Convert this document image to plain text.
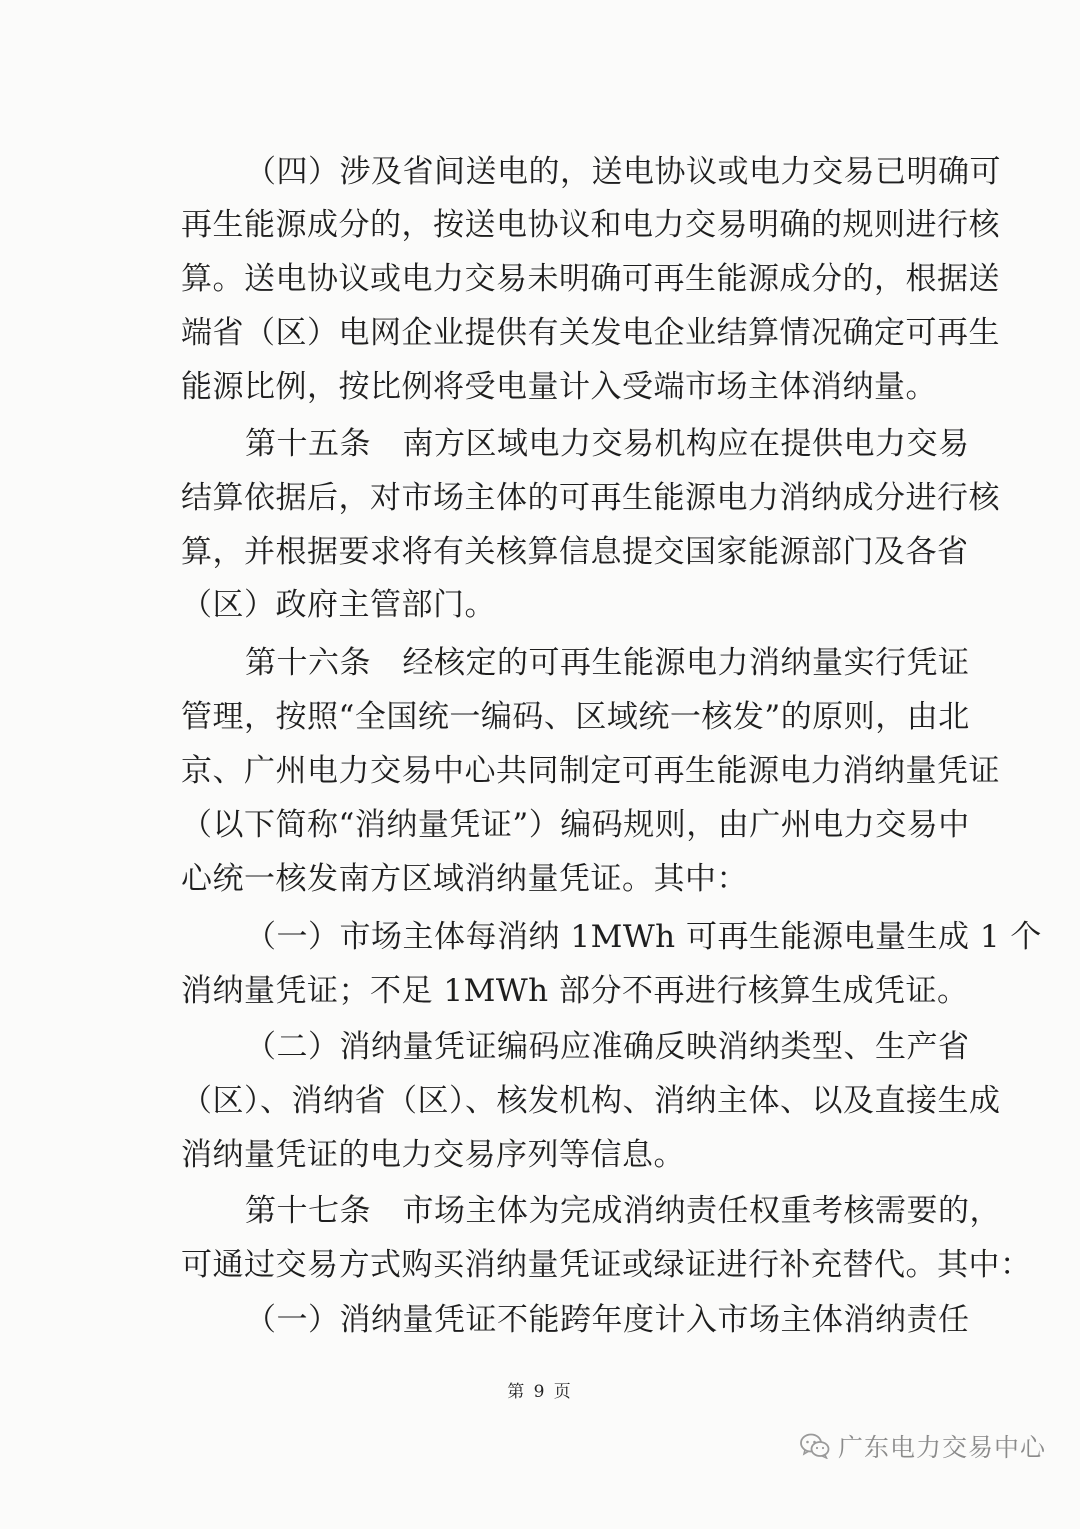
（四）涉及省间送电的，送电协议或电力交易已明确可
再生能源成分的，按送电协议和电力交易明确的规则进行核
算。送电协议或电力交易未明确可再生能源成分的，根据送
端省（区）电网企业提供有关发电企业结算情况确定可再生
能源比例，按比例将受电量计入受端市场主体消纳量。
第十五条　南方区域电力交易机构应在提供电力交易
结算依据后，对市场主体的可再生能源电力消纳成分进行核
算，并根据要求将有关核算信息提交国家能源部门及各省
（区）政府主管部门。
第十六条　经核定的可再生能源电力消纳量实行凭证
管理，按照“全国统一编码、区域统一核发”的原则，由北
京、广州电力交易中心共同制定可再生能源电力消纳量凭证
（以下简称“消纳量凭证”）编码规则，由广州电力交易中
心统一核发南方区域消纳量凭证。其中：
（一）市场主体每消纳 1MWh 可再生能源电量生成 1 个
消纳量凭证；不足 1MWh 部分不再进行核算生成凭证。
（二）消纳量凭证编码应准确反映消纳类型、生产省
（区）、消纳省（区）、核发机构、消纳主体、以及直接生成
消纳量凭证的电力交易序列等信息。
第十七条　市场主体为完成消纳责任权重考核需要的，
可通过交易方式购买消纳量凭证或绿证进行补充替代。其中：
（一）消纳量凭证不能跨年度计入市场主体消纳责任
第 9 页
广东电力交易中心
